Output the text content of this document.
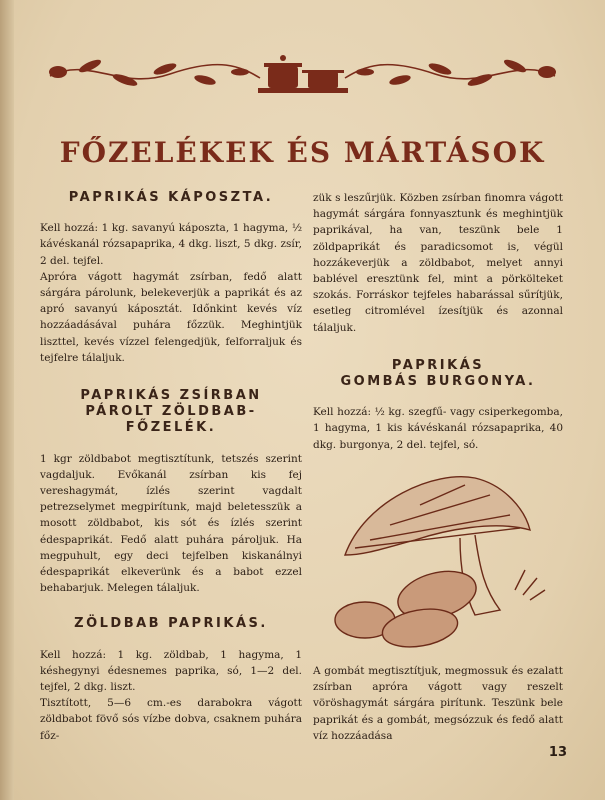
FŐZELÉKEK ÉS MÁRTÁSOK
PAPRIKÁS KÁPOSZTA.

Kell hozzá: 1 kg. savanyú káposzta, 1 hagyma, ½ kávéskanál rózsapaprika, 4 dkg. liszt, 5 dkg. zsír, 2 del. tejfel.

Apróra vágott hagymát zsírban, fedő alatt sárgára párolunk, belekeverjük a paprikát és az apró savanyú káposztát. Időnkint kevés víz hozzáadásával puhára főzzük. Meghintjük liszttel, kevés vízzel felengedjük, felforraljuk és tejfelre tálaljuk.

PAPRIKÁS ZSÍRBAN
PÁROLT ZÖLDBAB-
FŐZELÉK.

1 kgr zöldbabot megtisztítunk, tetszés szerint vagdaljuk. Evőkanál zsírban kis fej vereshagymát, ízlés szerint vagdalt petrezselymet megpirítunk, majd beletesszük a mosott zöldbabot, kis sót és ízlés szerint édespaprikát. Fedő alatt puhára pároljuk. Ha megpuhult, egy deci tejfelben kiskanálnyi édespaprikát elkeverünk és a babot ezzel behabarjuk. Melegen tálaljuk.

ZÖLDBAB PAPRIKÁS.

Kell hozzá: 1 kg. zöldbab, 1 hagyma, 1 késhegynyi édesnemes paprika, só, 1—2 del. tejfel, 2 dkg. liszt.

Tisztított, 5—6 cm.-es darabokra vágott zöldbabot fövő sós vízbe dobva, csaknem puhára főz-

zük s leszűrjük. Közben zsírban finomra vágott hagymát sárgára fonnyasztunk és meghintjük paprikával, ha van, teszünk bele 1 zöldpaprikát és paradicsomot is, végül hozzákeverjük a zöldbabot, melyet annyi bablével eresztünk fel, mint a pörköltеket szokás. Forráskor tejfeles habarással sűrítjük, esetleg citromlével ízesítjük és azonnal tálaljuk.

PAPRIKÁS
GOMBÁS BURGONYA.

Kell hozzá: ½ kg. szegfű- vagy csiperkegomba, 1 hagyma, 1 kis kávéskanál rózsapaprika, 40 dkg. burgonya, 2 del. tejfel, só.

A gombát megtisztítjuk, megmossuk és ezalatt zsírban apróra vágott vagy reszelt vöröshagymát sárgára pirítunk. Teszünk bele paprikát és a gombát, megsózzuk és fedő alatt víz hozzáadása

13
